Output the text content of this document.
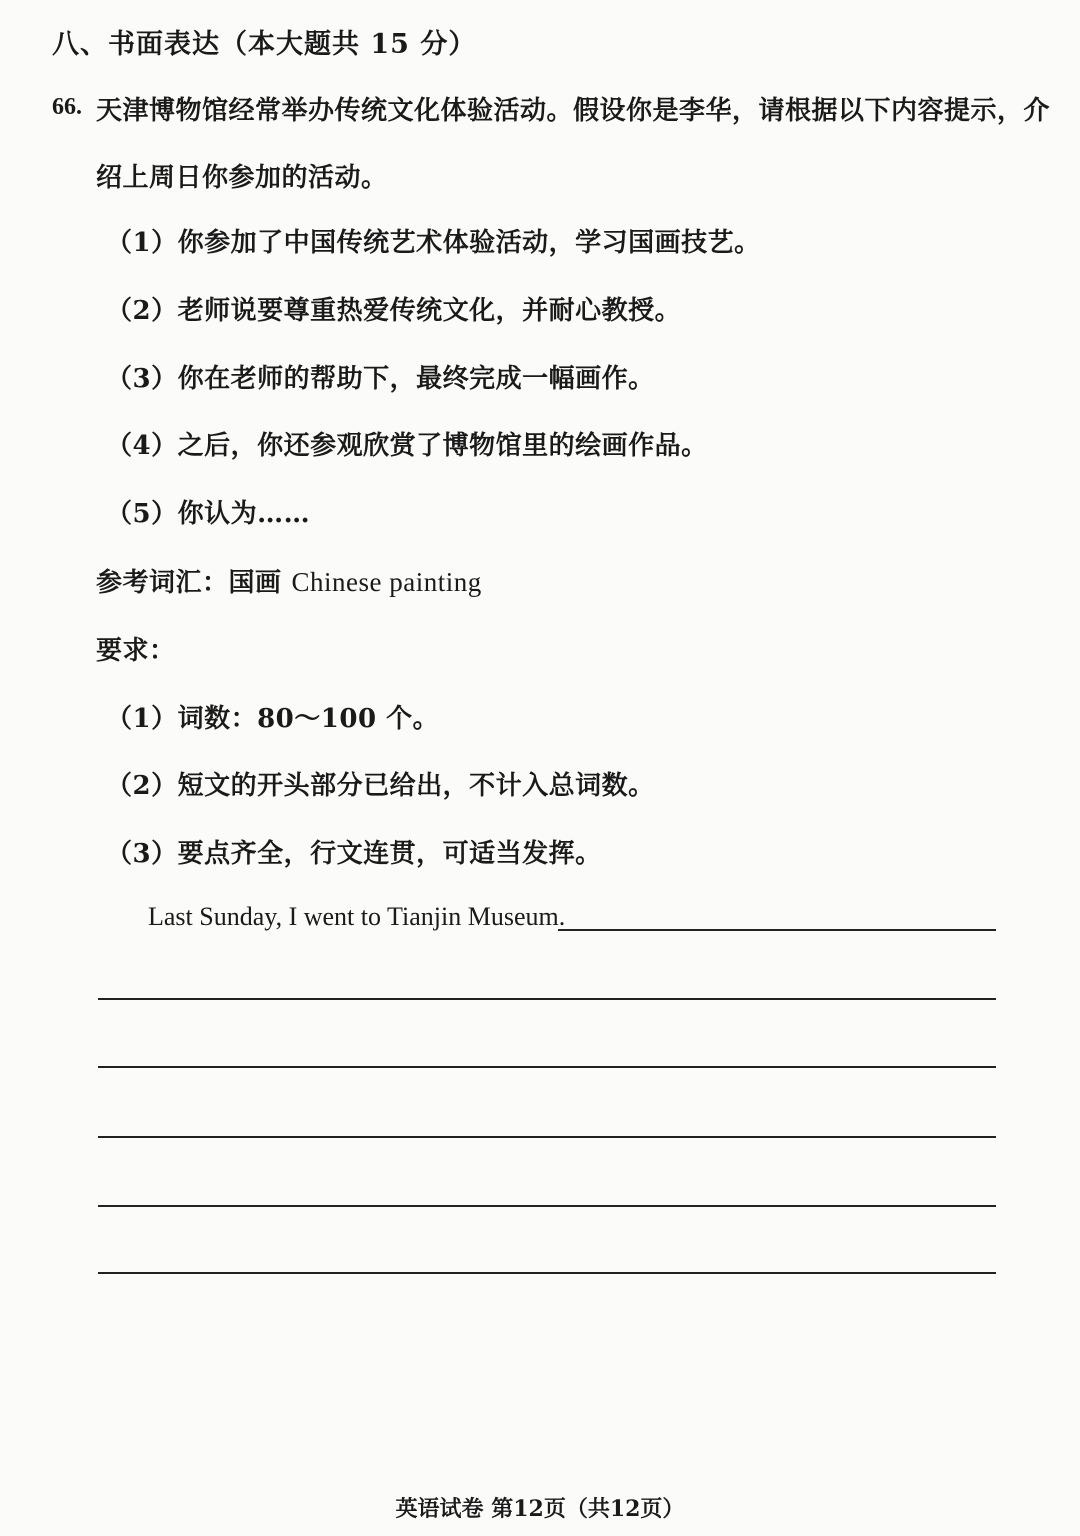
八、书面表达（本大题共 15 分）
66. 天津博物馆经常举办传统文化体验活动。假设你是李华，请根据以下内容提示，介
绍上周日你参加的活动。
（1）你参加了中国传统艺术体验活动，学习国画技艺。
（2）老师说要尊重热爱传统文化，并耐心教授。
（3）你在老师的帮助下，最终完成一幅画作。
（4）之后，你还参观欣赏了博物馆里的绘画作品。
（5）你认为……
参考词汇：国画 Chinese painting
要求：
（1）词数：80～100 个。
（2）短文的开头部分已给出，不计入总词数。
（3）要点齐全，行文连贯，可适当发挥。
Last Sunday, I went to Tianjin Museum.
英语试卷 第12页（共12页）
